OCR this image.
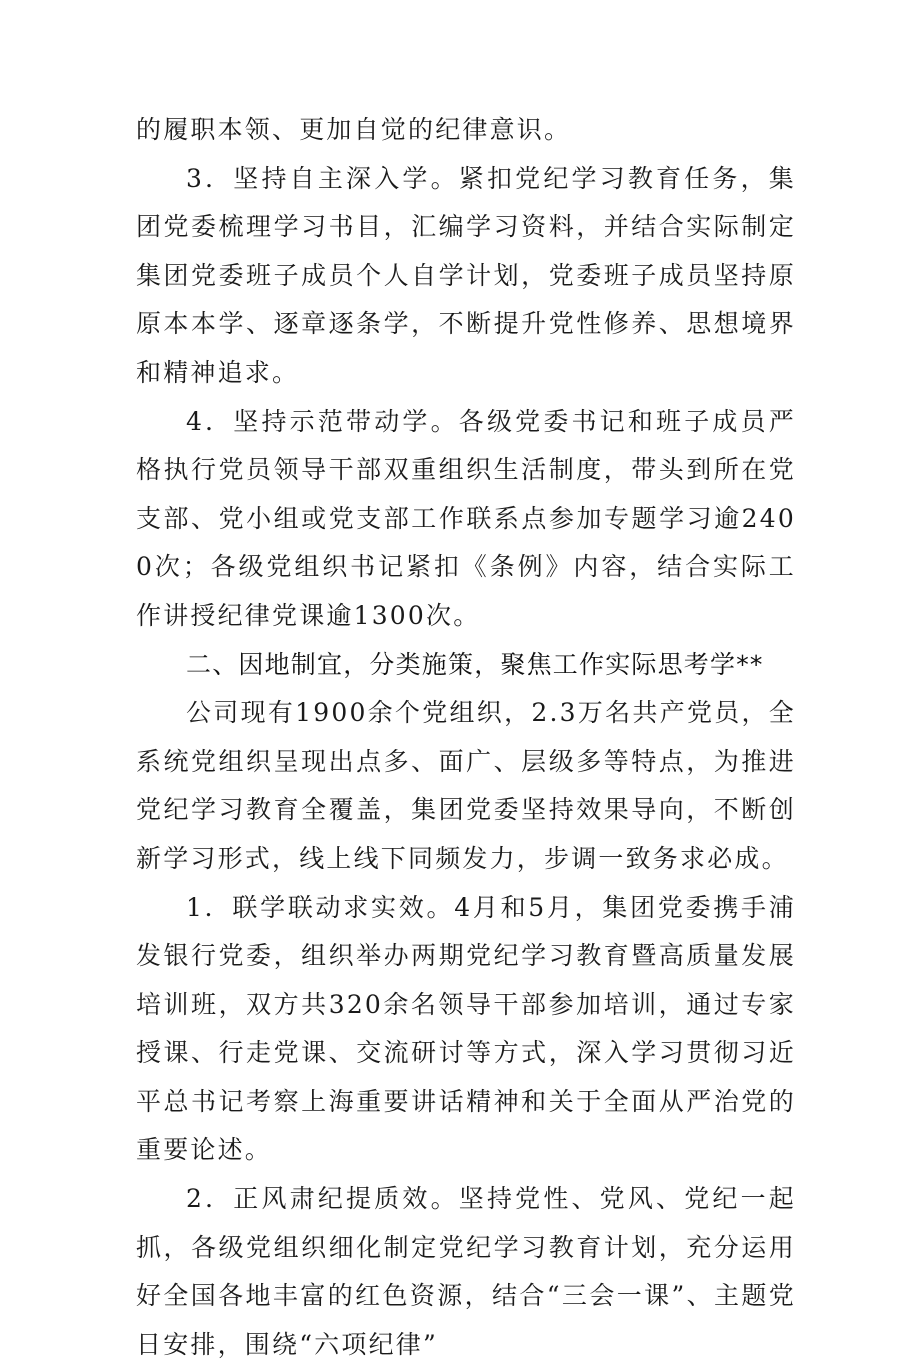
的履职本领、更加自觉的纪律意识。

3．坚持自主深入学。紧扣党纪学习教育任务，集团党委梳理学习书目，汇编学习资料，并结合实际制定集团党委班子成员个人自学计划，党委班子成员坚持原原本本学、逐章逐条学，不断提升党性修养、思想境界和精神追求。

4．坚持示范带动学。各级党委书记和班子成员严格执行党员领导干部双重组织生活制度，带头到所在党支部、党小组或党支部工作联系点参加专题学习逾2400次；各级党组织书记紧扣《条例》内容，结合实际工作讲授纪律党课逾1300次。

二、因地制宜，分类施策，聚焦工作实际思考学**

公司现有1900余个党组织，2.3万名共产党员，全系统党组织呈现出点多、面广、层级多等特点，为推进党纪学习教育全覆盖，集团党委坚持效果导向，不断创新学习形式，线上线下同频发力，步调一致务求必成。

1．联学联动求实效。4月和5月，集团党委携手浦发银行党委，组织举办两期党纪学习教育暨高质量发展培训班，双方共320余名领导干部参加培训，通过专家授课、行走党课、交流研讨等方式，深入学习贯彻习近平总书记考察上海重要讲话精神和关于全面从严治党的重要论述。

2．正风肃纪提质效。坚持党性、党风、党纪一起抓，各级党组织细化制定党纪学习教育计划，充分运用好全国各地丰富的红色资源，结合“三会一课”、主题党日安排，围绕“六项纪律”
